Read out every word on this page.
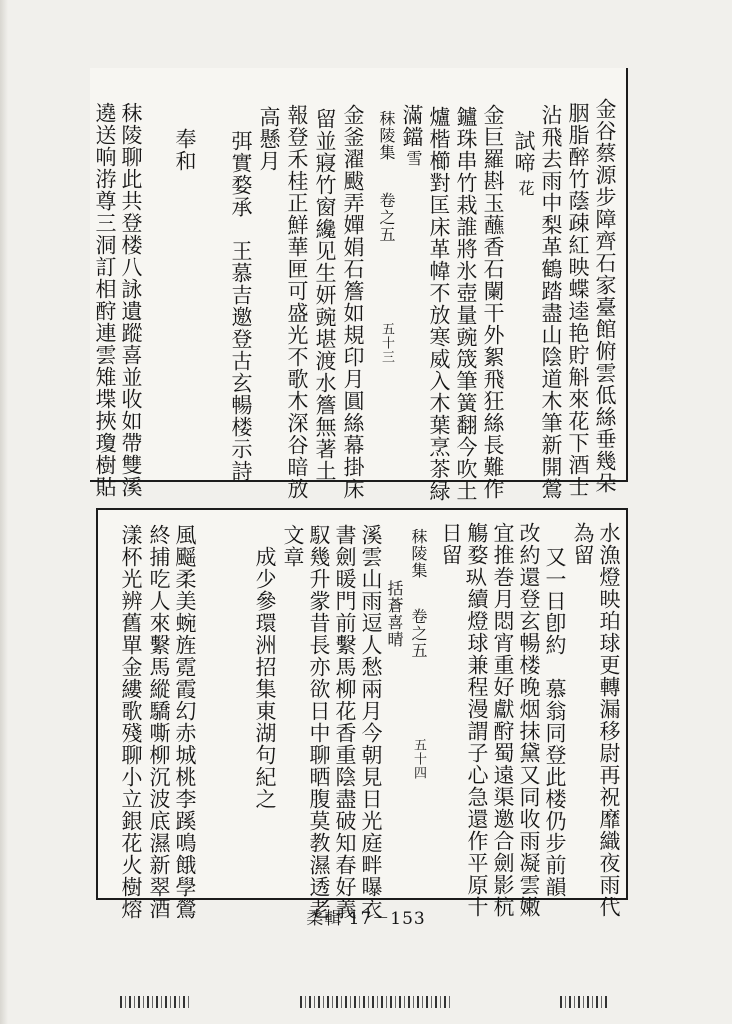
金谷蔡源步障齊石家臺館俯雲低絲垂幾朵
胭脂醉竹蔭疎紅映蝶逵艳貯斛來花下酒士
沾飛去雨中梨革鶴踏盡山陰道木筆新開鶯
試啼
花
金巨羅斟玉蘸香石闌干外絮飛狂絲長難作
鑪珠串竹栽誰將氷壺量豌筬筆簧翻今吹土
爐楷櫛對匡床革幃不放寒威入木葉烹茶緑
滿鐺
雪
秣陵集
卷之五
五十三
金釜濯颰弄嬋娟石簷如規印月圓絲幕掛床
留並寢竹窗纔见生妍豌堪渡水簷無著土
報登禾桂正鮮華匣可盛光不歌木深谷暗放
高懸月
弭實婺承　王慕吉邀登古玄暢楼示詩
奉和
秣陵聊此共登楼八詠遺蹤喜並收如帶雙溪
遶送响㳺尊三洞訂相酧連雲雉堞挾瓊樹貼
水漁燈映珀球更轉漏移尉再祝靡織夜雨代
為留
又一日卽約　慕翁同登此楼仍步前韻
改約還登玄暢楼晚烟抹黛又同收雨凝雲嫩
宜推巻月悶宵重好獻酧蜀遠渠邀合劍影杭
觴婺𪻐續燈球兼程漫謂子心急還作平原十
日留
秣陵集
括蒼喜晴 卷之五
五十四
溪雲山雨逗人愁兩月今朝見日光庭畔曝衣
書劍暖門前繫馬柳花香重陰盡破知春好義
馭幾升䝉昔長亦欲日中聊晒腹莫教濕透老
文章
成少參環洲招集東湖句紀之
風䬙柔美蜿旌霓霞幻赤城桃李蹊鳴餓學鶯
終捕吃人來繫馬縱驕嘶柳沉波底濕新翠酒
漾杯光辨舊單金縷歌殘聊小立銀花火樹熔	柔輯 17－153
